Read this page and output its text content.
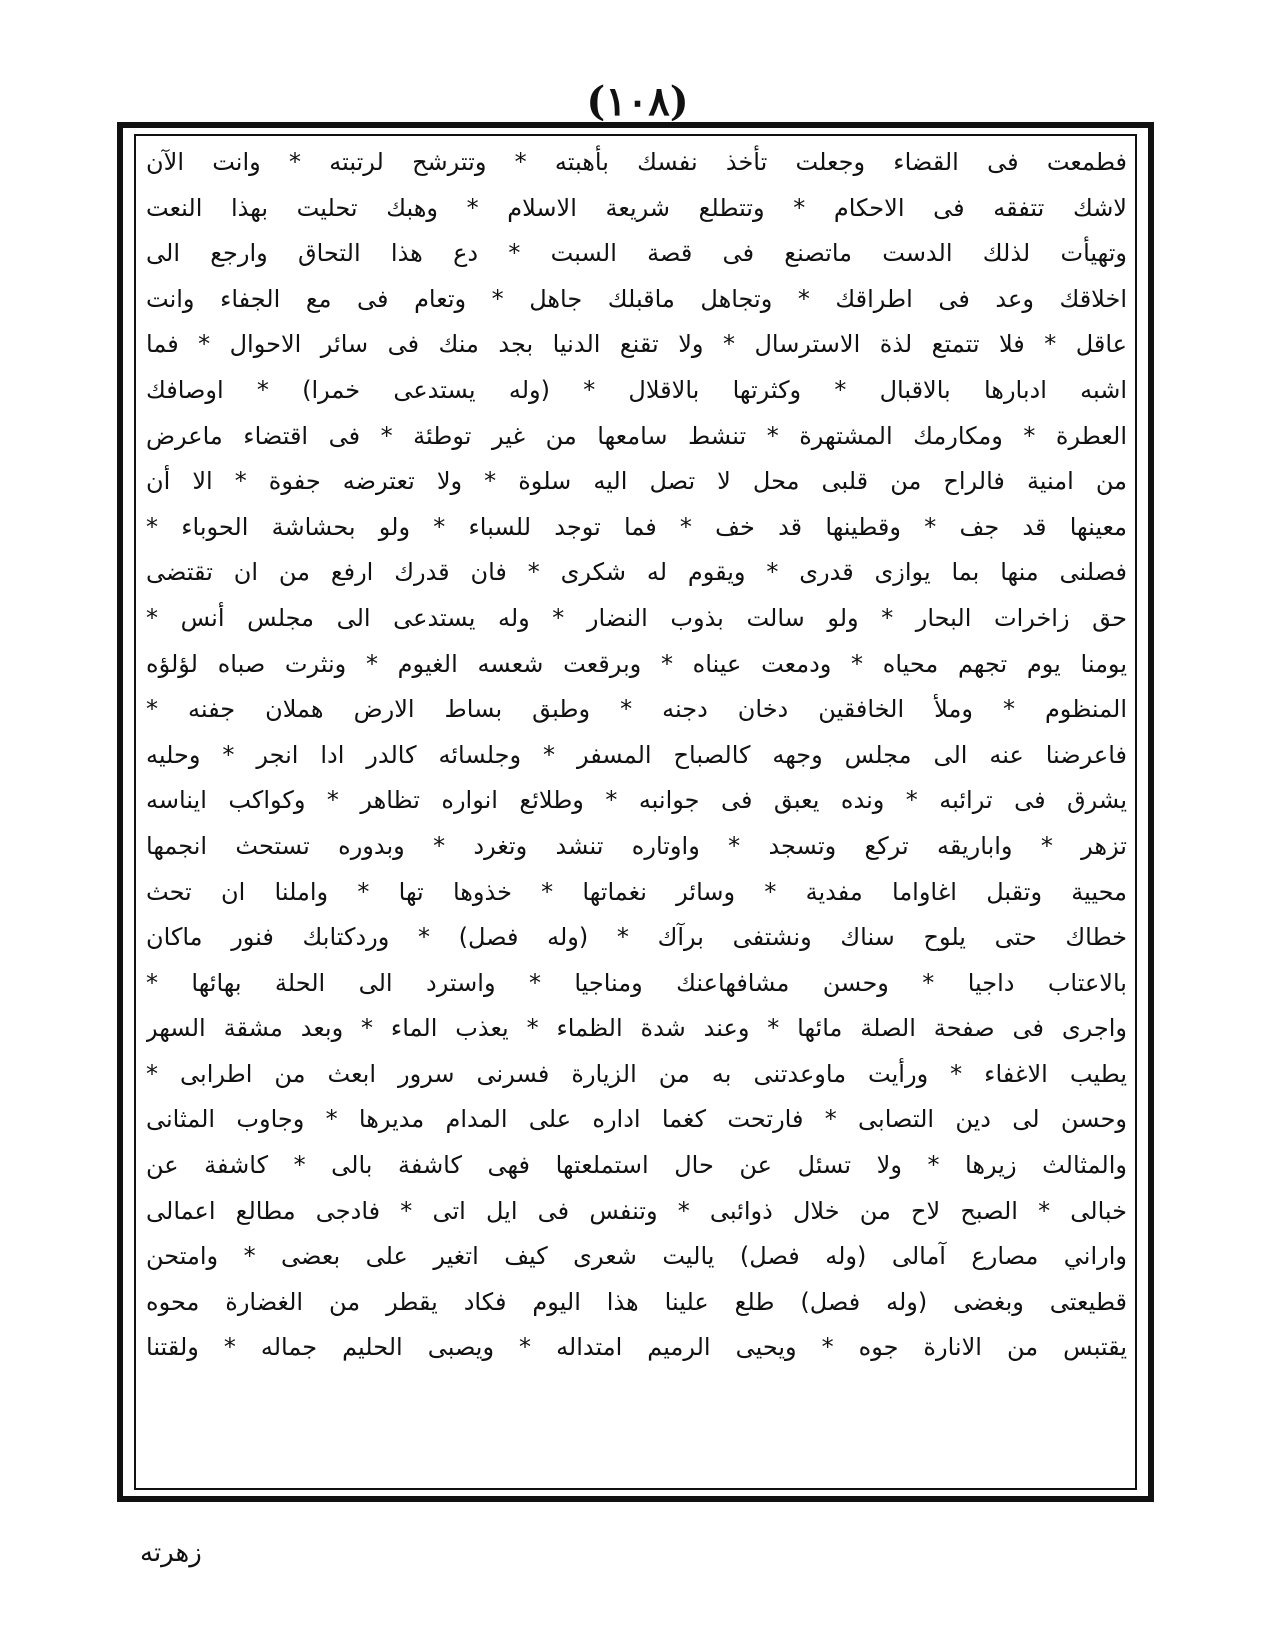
(١٠٨)
فطمعت فى القضاء وجعلت تأخذ نفسك بأهبته * وتترشح لرتبته * وانت الآن
لاشك تتفقه فى الاحكام * وتتطلع شريعة الاسلام * وهبك تحليت بهذا النعت
وتهيأت لذلك الدست ماتصنع فى قصة السبت * دع هذا التحاق وارجع الى
اخلاقك وعد فى اطراقك * وتجاهل ماقبلك جاهل * وتعام فى مع الجفاء وانت
عاقل * فلا تتمتع لذة الاسترسال * ولا تقنع الدنيا بجد منك فى سائر الاحوال * فما
اشبه ادبارها بالاقبال * وكثرتها بالاقلال * (وله يستدعى خمرا) * اوصافك
العطرة * ومكارمك المشتهرة * تنشط سامعها من غير توطئة * فى اقتضاء ماعرض
من امنية فالراح من قلبى محل لا تصل اليه سلوة * ولا تعترضه جفوة * الا أن
معينها قد جف * وقطينها قد خف * فما توجد للسباء * ولو بحشاشة الحوباء *
فصلنى منها بما يوازى قدرى * ويقوم له شكرى * فان قدرك ارفع من ان تقتضى
حق زاخرات البحار * ولو سالت بذوب النضار * وله يستدعى الى مجلس أنس *
يومنا يوم تجهم محياه * ودمعت عيناه * وبرقعت شعسه الغيوم * ونثرت صباه لؤلؤه
المنظوم * وملأ الخافقين دخان دجنه * وطبق بساط الارض هملان جفنه *
فاعرضنا عنه الى مجلس وجهه كالصباح المسفر * وجلسائه كالدر ادا انجر * وحليه
يشرق فى ترائبه * ونده يعبق فى جوانبه * وطلائع انواره تظاهر * وكواكب ايناسه
تزهر * واباريقه تركع وتسجد * واوتاره تنشد وتغرد * وبدوره تستحث انجمها
محيية وتقبل اغاواما مفدية * وسائر نغماتها * خذوها تها * واملنا ان تحث
خطاك حتى يلوح سناك ونشتفى برآك * (وله فصل) * وردكتابك فنور ماكان
بالاعتاب داجيا * وحسن مشافهاعنك ومناجيا * واسترد الى الحلة بهائها *
واجرى فى صفحة الصلة مائها * وعند شدة الظماء * يعذب الماء * وبعد مشقة السهر
يطيب الاغفاء * ورأيت ماوعدتنى به من الزيارة فسرنى سرور ابعث من اطرابى *
وحسن لى دين التصابى * فارتحت كغما اداره على المدام مديرها * وجاوب المثانى
والمثالث زيرها * ولا تسئل عن حال استملعتها فهى كاشفة بالى * كاشفة عن
خبالى * الصبح لاح من خلال ذوائبى * وتنفس فى ايل اتى * فادجى مطالع اعمالى
واراني مصارع آمالى (وله فصل) ياليت شعرى كيف اتغير على بعضى * وامتحن
قطيعتى وبغضى (وله فصل) طلع علينا هذا اليوم فكاد يقطر من الغضارة محوه
يقتبس من الانارة جوه * ويحيى الرميم امتداله * ويصبى الحليم جماله * ولقتنا
زهرته
